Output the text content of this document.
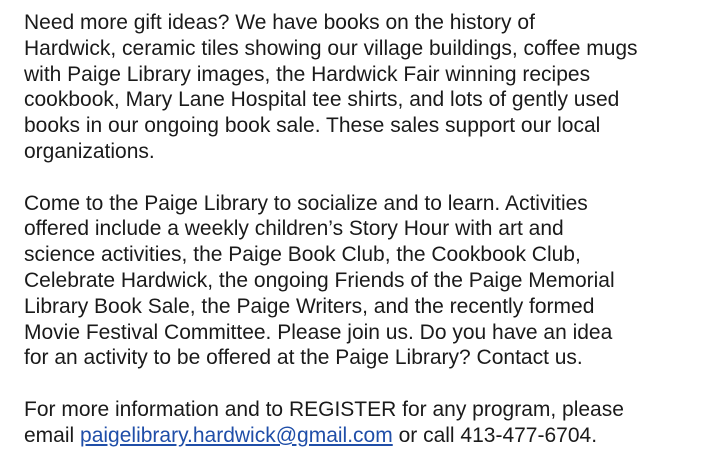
Need more gift ideas? We have books on the history of
Hardwick, ceramic tiles showing our village buildings, coffee mugs
with Paige Library images, the Hardwick Fair winning recipes
cookbook, Mary Lane Hospital tee shirts, and lots of gently used
books in our ongoing book sale. These sales support our local
organizations.

Come to the Paige Library to socialize and to learn. Activities
offered include a weekly children’s Story Hour with art and
science activities, the Paige Book Club, the Cookbook Club,
Celebrate Hardwick, the ongoing Friends of the Paige Memorial
Library Book Sale, the Paige Writers, and the recently formed
Movie Festival Committee. Please join us. Do you have an idea
for an activity to be offered at the Paige Library? Contact us.

For more information and to REGISTER for any program, please
email paigelibrary.hardwick@gmail.com or call 413-477-6704.
